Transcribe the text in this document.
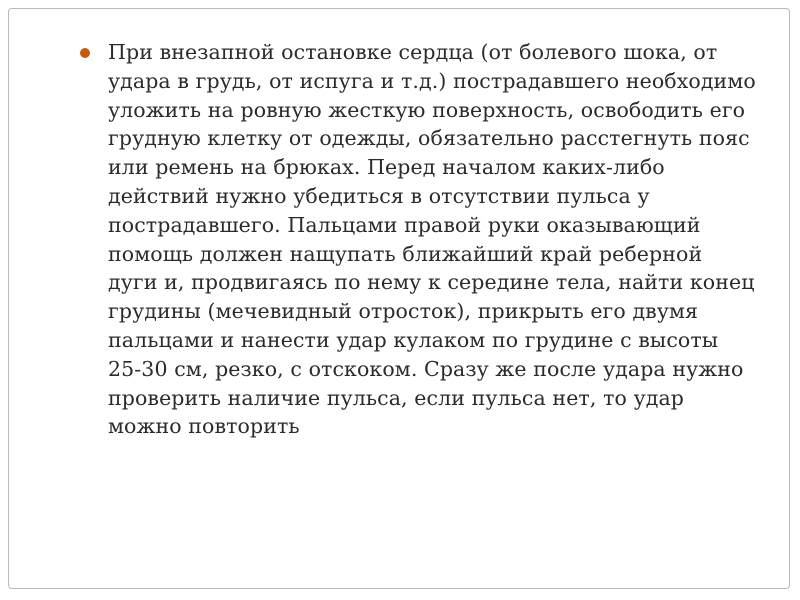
При внезапной остановке сердца (от болевого шока, от удара в грудь, от испуга и т.д.) пострадавшего необходимо уложить на ровную жесткую поверхность, освободить его грудную клетку от одежды, обязательно расстегнуть пояс или ремень на брюках. Перед началом каких-либо действий нужно убедиться в отсутствии пульса у пострадавшего. Пальцами правой руки оказывающий помощь должен нащупать ближайший край реберной дуги и, продвигаясь по нему к середине тела, найти конец грудины (мечевидный отросток), прикрыть его двумя пальцами и нанести удар кулаком по грудине с высоты 25-30 см, резко, с отскоком. Сразу же после удара нужно проверить наличие пульса, если пульса нет, то удар можно повторить
